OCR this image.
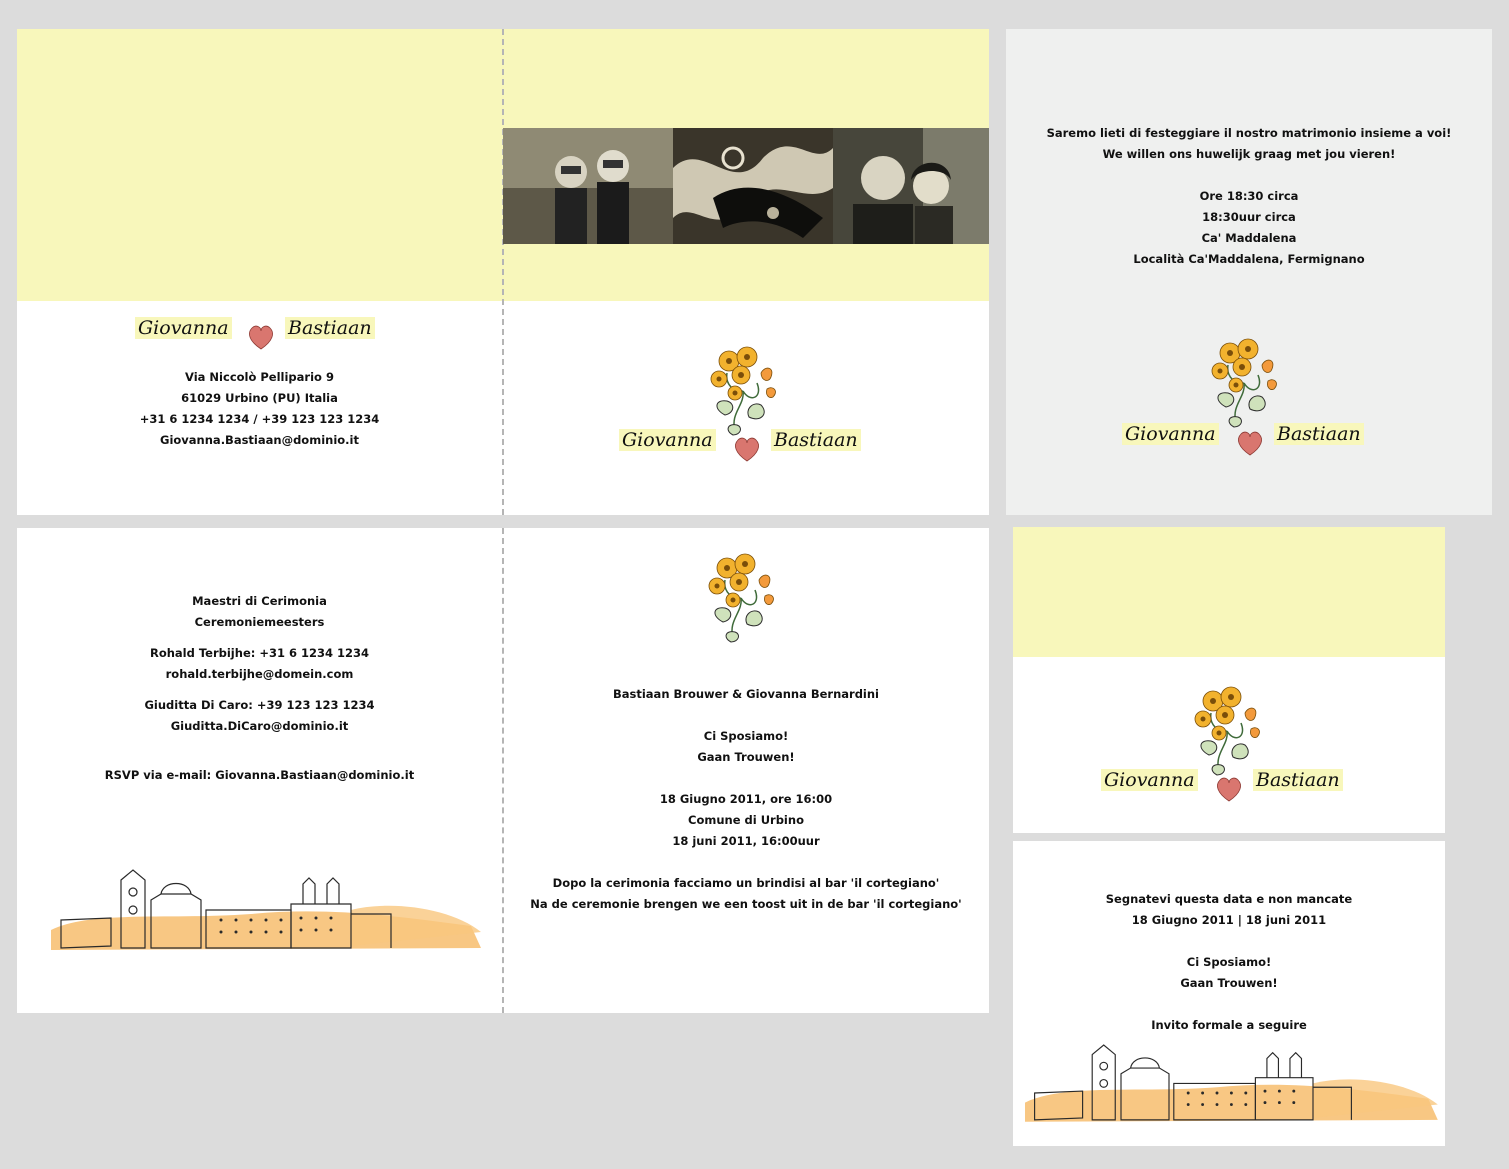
Giovanna	Bastiaan
Via Niccolò Pellipario 9
61029 Urbino (PU) Italia
+31 6 1234 1234 / +39 123 123 1234
Giovanna.Bastiaan@dominio.it	Giovanna	Bastiaan
Saremo lieti di festeggiare il nostro matrimonio insieme a voi!
We willen ons huwelijk graag met jou vieren!
Ore 18:30 circa
18:30uur circa
Ca' Maddalena
Località Ca'Maddalena, Fermignano
Giovanna	Bastiaan
Maestri di Cerimonia
Ceremoniemeesters
Rohald Terbijhe: +31 6 1234 1234
rohald.terbijhe@domein.com
Giuditta Di Caro: +39 123 123 1234
Giuditta.DiCaro@dominio.it
RSVP via e-mail: Giovanna.Bastiaan@dominio.it
Bastiaan Brouwer & Giovanna Bernardini
Ci Sposiamo!
Gaan Trouwen!
18 Giugno 2011, ore 16:00
Comune di Urbino
18 juni 2011, 16:00uur
Dopo la cerimonia facciamo un brindisi al bar 'il cortegiano'
Na de ceremonie brengen we een toost uit in de bar 'il cortegiano'
Giovanna	Bastiaan
Segnatevi questa data e non mancate
18 Giugno 2011 | 18 juni 2011
Ci Sposiamo!
Gaan Trouwen!
Invito formale a seguire
